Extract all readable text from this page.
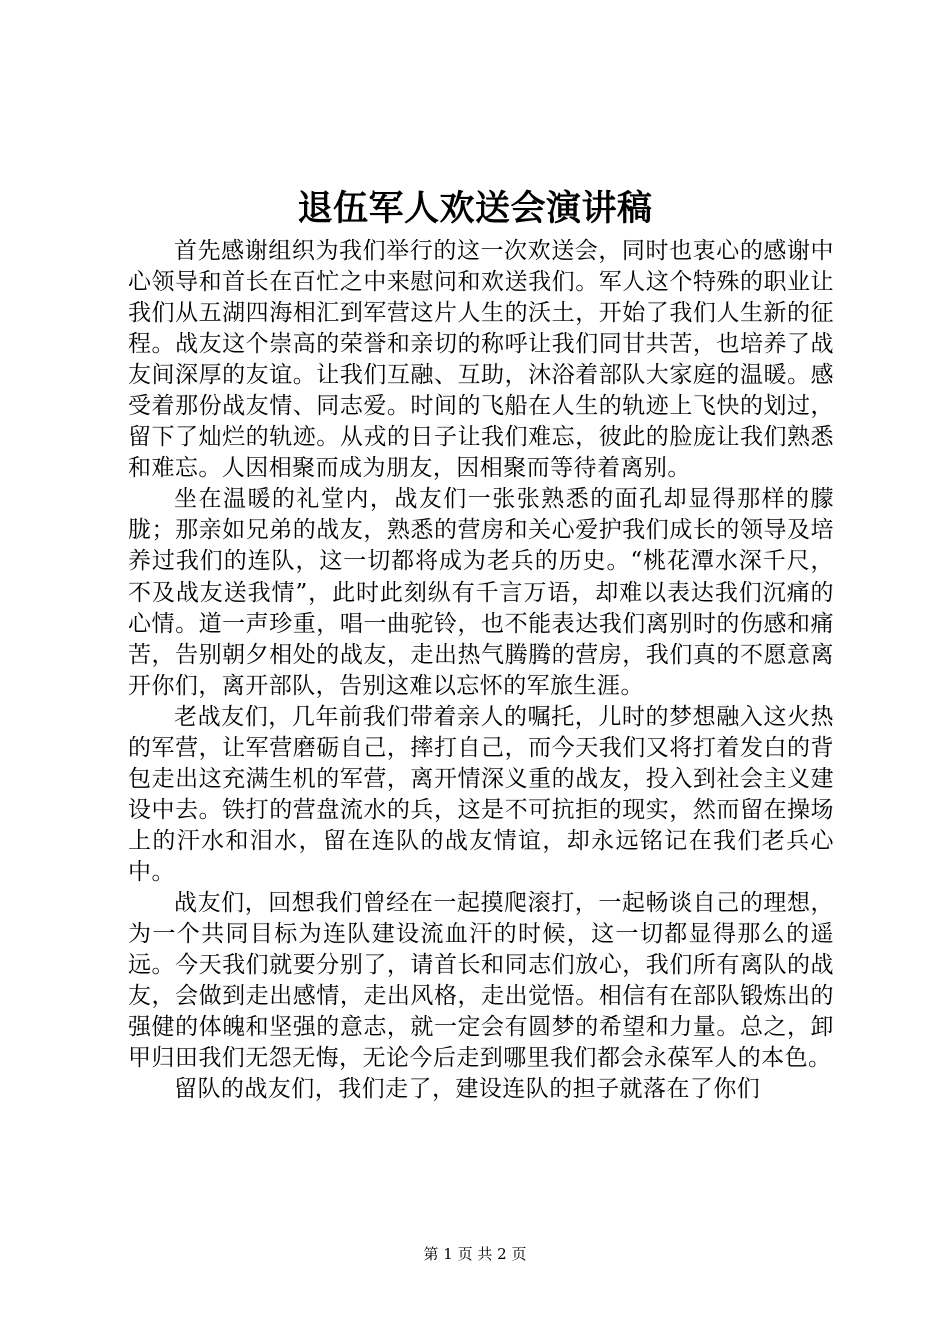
退伍军人欢送会演讲稿

首先感谢组织为我们举行的这一次欢送会，同时也衷心的感谢中心领导和首长在百忙之中来慰问和欢送我们。军人这个特殊的职业让我们从五湖四海相汇到军营这片人生的沃土，开始了我们人生新的征程。战友这个崇高的荣誉和亲切的称呼让我们同甘共苦，也培养了战友间深厚的友谊。让我们互融、互助，沐浴着部队大家庭的温暖。感受着那份战友情、同志爱。时间的飞船在人生的轨迹上飞快的划过，留下了灿烂的轨迹。从戎的日子让我们难忘，彼此的脸庞让我们熟悉和难忘。人因相聚而成为朋友，因相聚而等待着离别。

坐在温暖的礼堂内，战友们一张张熟悉的面孔却显得那样的朦胧；那亲如兄弟的战友，熟悉的营房和关心爱护我们成长的领导及培养过我们的连队，这一切都将成为老兵的历史。“桃花潭水深千尺，不及战友送我情”，此时此刻纵有千言万语，却难以表达我们沉痛的心情。道一声珍重，唱一曲驼铃，也不能表达我们离别时的伤感和痛苦，告别朝夕相处的战友，走出热气腾腾的营房，我们真的不愿意离开你们，离开部队，告别这难以忘怀的军旅生涯。

老战友们，几年前我们带着亲人的嘱托，儿时的梦想融入这火热的军营，让军营磨砺自己，摔打自己，而今天我们又将打着发白的背包走出这充满生机的军营，离开情深义重的战友，投入到社会主义建设中去。铁打的营盘流水的兵，这是不可抗拒的现实，然而留在操场上的汗水和泪水，留在连队的战友情谊，却永远铭记在我们老兵心中。

战友们，回想我们曾经在一起摸爬滚打，一起畅谈自己的理想，为一个共同目标为连队建设流血汗的时候，这一切都显得那么的遥远。今天我们就要分别了，请首长和同志们放心，我们所有离队的战友，会做到走出感情，走出风格，走出觉悟。相信有在部队锻炼出的强健的体魄和坚强的意志，就一定会有圆梦的希望和力量。总之，卸甲归田我们无怨无悔，无论今后走到哪里我们都会永葆军人的本色。

留队的战友们，我们走了，建设连队的担子就落在了你们

第 1 页 共 2 页
